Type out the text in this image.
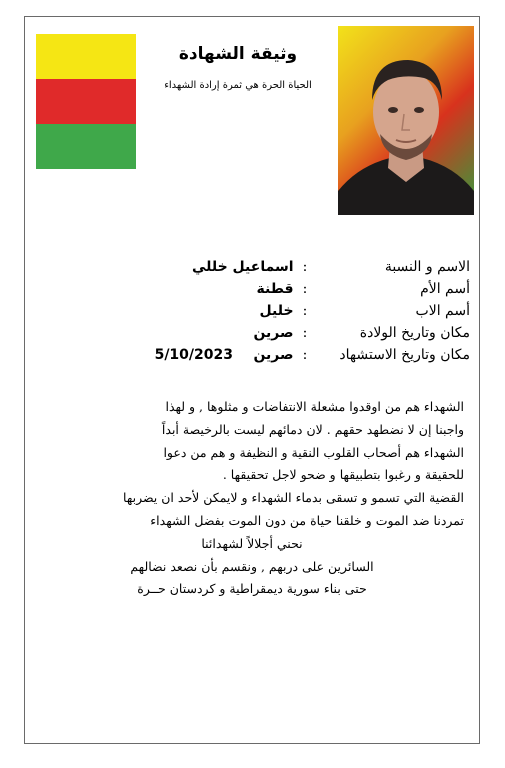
وثيقة الشهادة
الحياة الحرة هي ثمرة إرادة الشهداء
الاسم و النسبة: اسماعيل خللي
أسم الأم: قطنة
أسم الاب: خليل
مكان وتاريخ الولادة: صرين
مكان وتاريخ الاستشهاد: صرين 5/10/2023
الشهداء هم من اوقدوا مشعلة الانتفاضات و مثلوها , و لهذا
واجبنا إن لا نضطهد حقهم . لان دمائهم ليست بالرخيصة أبداً
الشهداء هم أصحاب القلوب النقية و النظيفة و هم من دعوا
للحقيقة و رغبوا بتطبيقها و ضحو لاجل تحقيقها .
القضية التي تسمو و تسقى بدماء الشهداء و لايمكن لأحد ان يضربها
تمردنا ضد الموت و خلقنا حياة من دون الموت بفضل الشهداء
نحني أجلالاً لشهدائنا
السائرين على دربهم , ونقسم بأن نصعد نضالهم
حتى بناء سورية ديمقراطية و كردستان حــرة
